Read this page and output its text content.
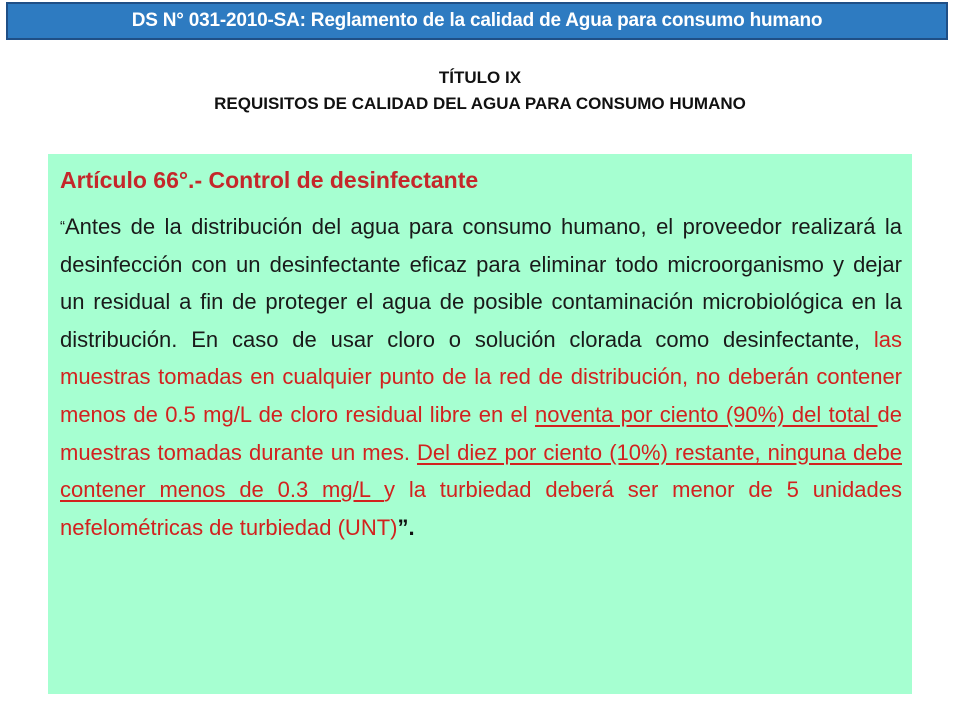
DS N° 031-2010-SA: Reglamento de la calidad de Agua para consumo humano
TÍTULO IX
REQUISITOS DE CALIDAD DEL AGUA PARA CONSUMO HUMANO
Artículo 66°.- Control de desinfectante

“Antes de la distribución del agua para consumo humano, el proveedor realizará la desinfección con un desinfectante eficaz para eliminar todo microorganismo y dejar un residual a fin de proteger el agua de posible contaminación microbiológica en la distribución. En caso de usar cloro o solución clorada como desinfectante, las muestras tomadas en cualquier punto de la red de distribución, no deberán contener menos de 0.5 mg/L de cloro residual libre en el noventa por ciento (90%) del total de muestras tomadas durante un mes. Del diez por ciento (10%) restante, ninguna debe contener menos de 0.3 mg/L y la turbiedad deberá ser menor de 5 unidades nefelométricas de turbiedad (UNT)”.
